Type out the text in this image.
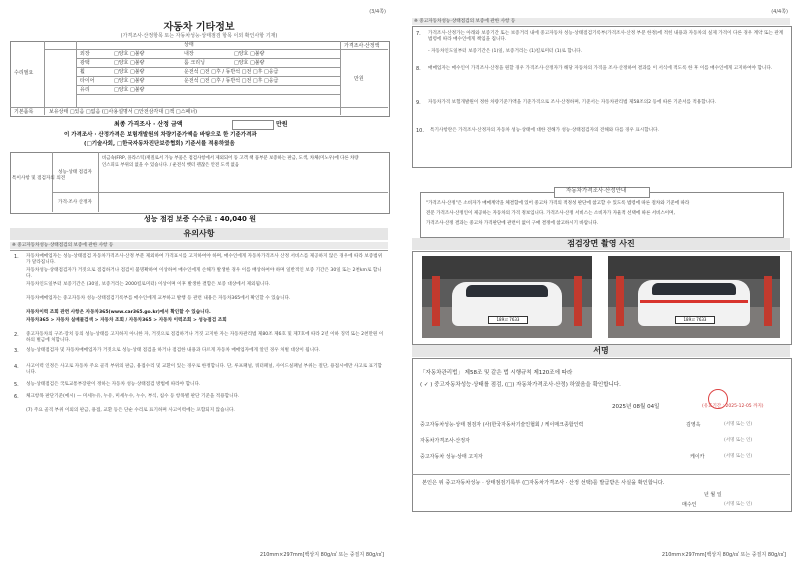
(3/4쪽)
자동차 기타정보
(가격조사·산정항목 또는 자동차성능·상태점검 항목 이외 확인사항 기재)
상태	가격조사·산정액
수리필요
만원
외장	□양호 □불량	내장	□양호 □불량
광택	□양호 □불량	룸 크리닝	□양호 □불량
휠	□양호 □불량	운전석 □전 □후 / 동반석 □전 □후 □응급
타이어	□양호 □불량	운전석 □전 □후 / 동반석 □전 □후 □응급
유리	□양호 □불량
기본품목	보유상태 □있음 □없음 (□사용설명서 □안전삼각대 □잭 □스패너)
최종 가격조사 · 산정 금액	만원
이 가격조사 · 산정가격은 보험개발원의 차량기준가액을 바탕으로 한 기준가격과
(□기술사회, □한국자동차진단보증협회) 기준서를 적용하였음
특이사항 및 점검자의 의견
성능·상태 점검자
가격·조사 산정자
비금속(FRP, 플라스틱)재질로서 가능 부품은 점검사항에서 제외되어 동 고객 책 품부분 보증하는 판금, 도색, 차체(미노우)에 다른 차량
인스피료 부위의 없을 수 있습니다. / 운전석 햇터 괜찮은 안전 도색 없음
성능 점검 보증 수수료 : 40,040 원
유의사항
※ 중고자동차성능·상태점검의 보증에 관한 사항 등
1. 자동차매매업자는 성능·상태점검 자동차가격조사·산정 부분 제외하여 가격표시를 고지하여야 하며, 매수인에게 자동차가격조사 산정 서비스를 제공하지 않은 경우에 따라 보증범위가 달라집니다.
자동차성능·상태점검자가 거짓으로 점검하거나 점검이 불명확하여 이상하여 매수인에게 손해가 발생한 경우 이를 배상하여야 하며 일반적인 보증 기간은 30일 또는 2천km로 합니다.
자동차인도일부터 보증기간은 (30일, 보증거리는 2000킬로미터) 이상이며 이후 발생한 결함은 보증 대상에서 제외됩니다.
자동차매매업자는 중고자동차 성능·상태점검기록부를 매수인에게 교부하고 발행 등 관련 내용은 자동차365에서 확인할 수 있습니다.
자동차이력 조회 관련 사항은 자동차365(www.car365.go.kr)에서 확인할 수 있습니다.
자동차365 > 자동차 실매물검색 > 자동차 조회 / 자동차365 > 자동차 이력조회 > 성능점검 조회
2. 중고자동차의 구조·장치 등의 성능·상태를 고지하지 아니한 자, 거짓으로 점검하거나 거짓 고지한 자는 자동차관리법 제80조 제6호 및 제7호에 따라 2년 이하 징역 또는 2천만원 이하의 벌금에 처합니다.
3. 성능·상태점검자 및 자동차매매업자가 거짓으로 성능·상태 점검을 하거나 점검한 내용과 다르게 자동차 매매업자에게 알린 경우 처벌 대상이 됩니다.
4. 사고이력 인정은 사고로 자동차 주요 골격 부위의 판금, 용접수리 및 교환이 있는 경우로 한정합니다. 단, 루프패널, 쿼터패널, 사이드실패널 부위는 절단, 용접시에만 사고로 표기합니다.
5. 성능·상태점검은 국토교통부장관이 정하는 자동차 성능·상태점검 방법에 따라야 합니다.
6. 체크항목 판단기준(예시) — 미세누유, 누유, 미세누수, 누수, 부식, 침수 등 항목별 판단 기준을 적용합니다.
(7) 주요 골격 부위 이외의 판금, 용접, 교환 등은 단순 수리로 표기하며 사고이력에는 포함되지 않습니다.
210mm×297mm[백상지 80g/㎡ 또는 중질지 80g/㎡]
(4/4쪽)
※ 중고자동차성능·상태점검의 보증에 관한 사항 등
7. 가격조사·산정가는 아래와 보증기간 또는 보증거리 내에 중고자동차 성능·상태점검기록부(가격조사·산정 부분 한정)에 적힌 내용과 자동차의 실제 가격이 다른 경우 계약 또는 관계법령에 따라 매수인에게 책임을 집니다.
- 자동차인도일부터 보증기간은 (1)일, 보증거리는 (1)킬로미터 (1)로 합니다.
8. 매매업자는 매수인이 가격조사·산정을 원할 경우 가격조사·산정자가 해당 자동차의 가격을 조사·산정하여 결과를 이 서식에 적도록 한 후 이를 매수인에게 고지하여야 합니다.
9. 자동차가격 보험개발원이 정한 차량기준가액을 기준가격으로 조사·산정하며, 기준서는 자동차관리법 제58조의2 등에 따른 기준서를 적용합니다.
10. 특기사항란은 가격조사·산정자의 자동차 성능·상태에 대한 견해가 성능·상태점검자의 견해와 다를 경우 표시합니다.
자동차가격조사·산정안내
"가격조사·산정"은 소비자가 매매계약을 체결함에 있어 중고차 가격의 적정성 판단에 참고할 수 있도록 법령에 따른 절차와 기준에 따라
전문 가격조사·산정인이 제공하는 자동차의 가격 정보입니다. 가격조사·산정 서비스는 소비자가 자율적 선택에 따른 서비스이며,
가격조사·산정 결과는 중고차 가격판단에 관련이 없이 구매 결정에 참고하시기 바랍니다.
점검장면 촬영 사진
189고 7633	189고 7633
서명
「자동차관리법」 제58조 및 같은 법 시행규칙 제120조에 따라
( ✓ ) 중고자동차성능·상태를 점검, (□) 자동차가격조사·산정) 하였음을 확인합니다.
2025년 08월 04일	(유효기간 : 2025-12-05 까지)
중고자동차성능·상태 점검자 (사)한국자동차기술인협회 / 케이매크종합인력	김영옥	(서명 또는 인)
자동차가격조사·산정자	(서명 또는 인)
중고자동차 성능·상태 고지자	케이카	(서명 또는 인)
본인은 위 중고자동차성능 · 상태점검기록부 (□자동차가격조사 · 산정 선택)를 발급받은 사실을 확인합니다.
년 월 일
매수인	(서명 또는 인)
210mm×297mm[백상지 80g/㎡ 또는 중질지 80g/㎡]
